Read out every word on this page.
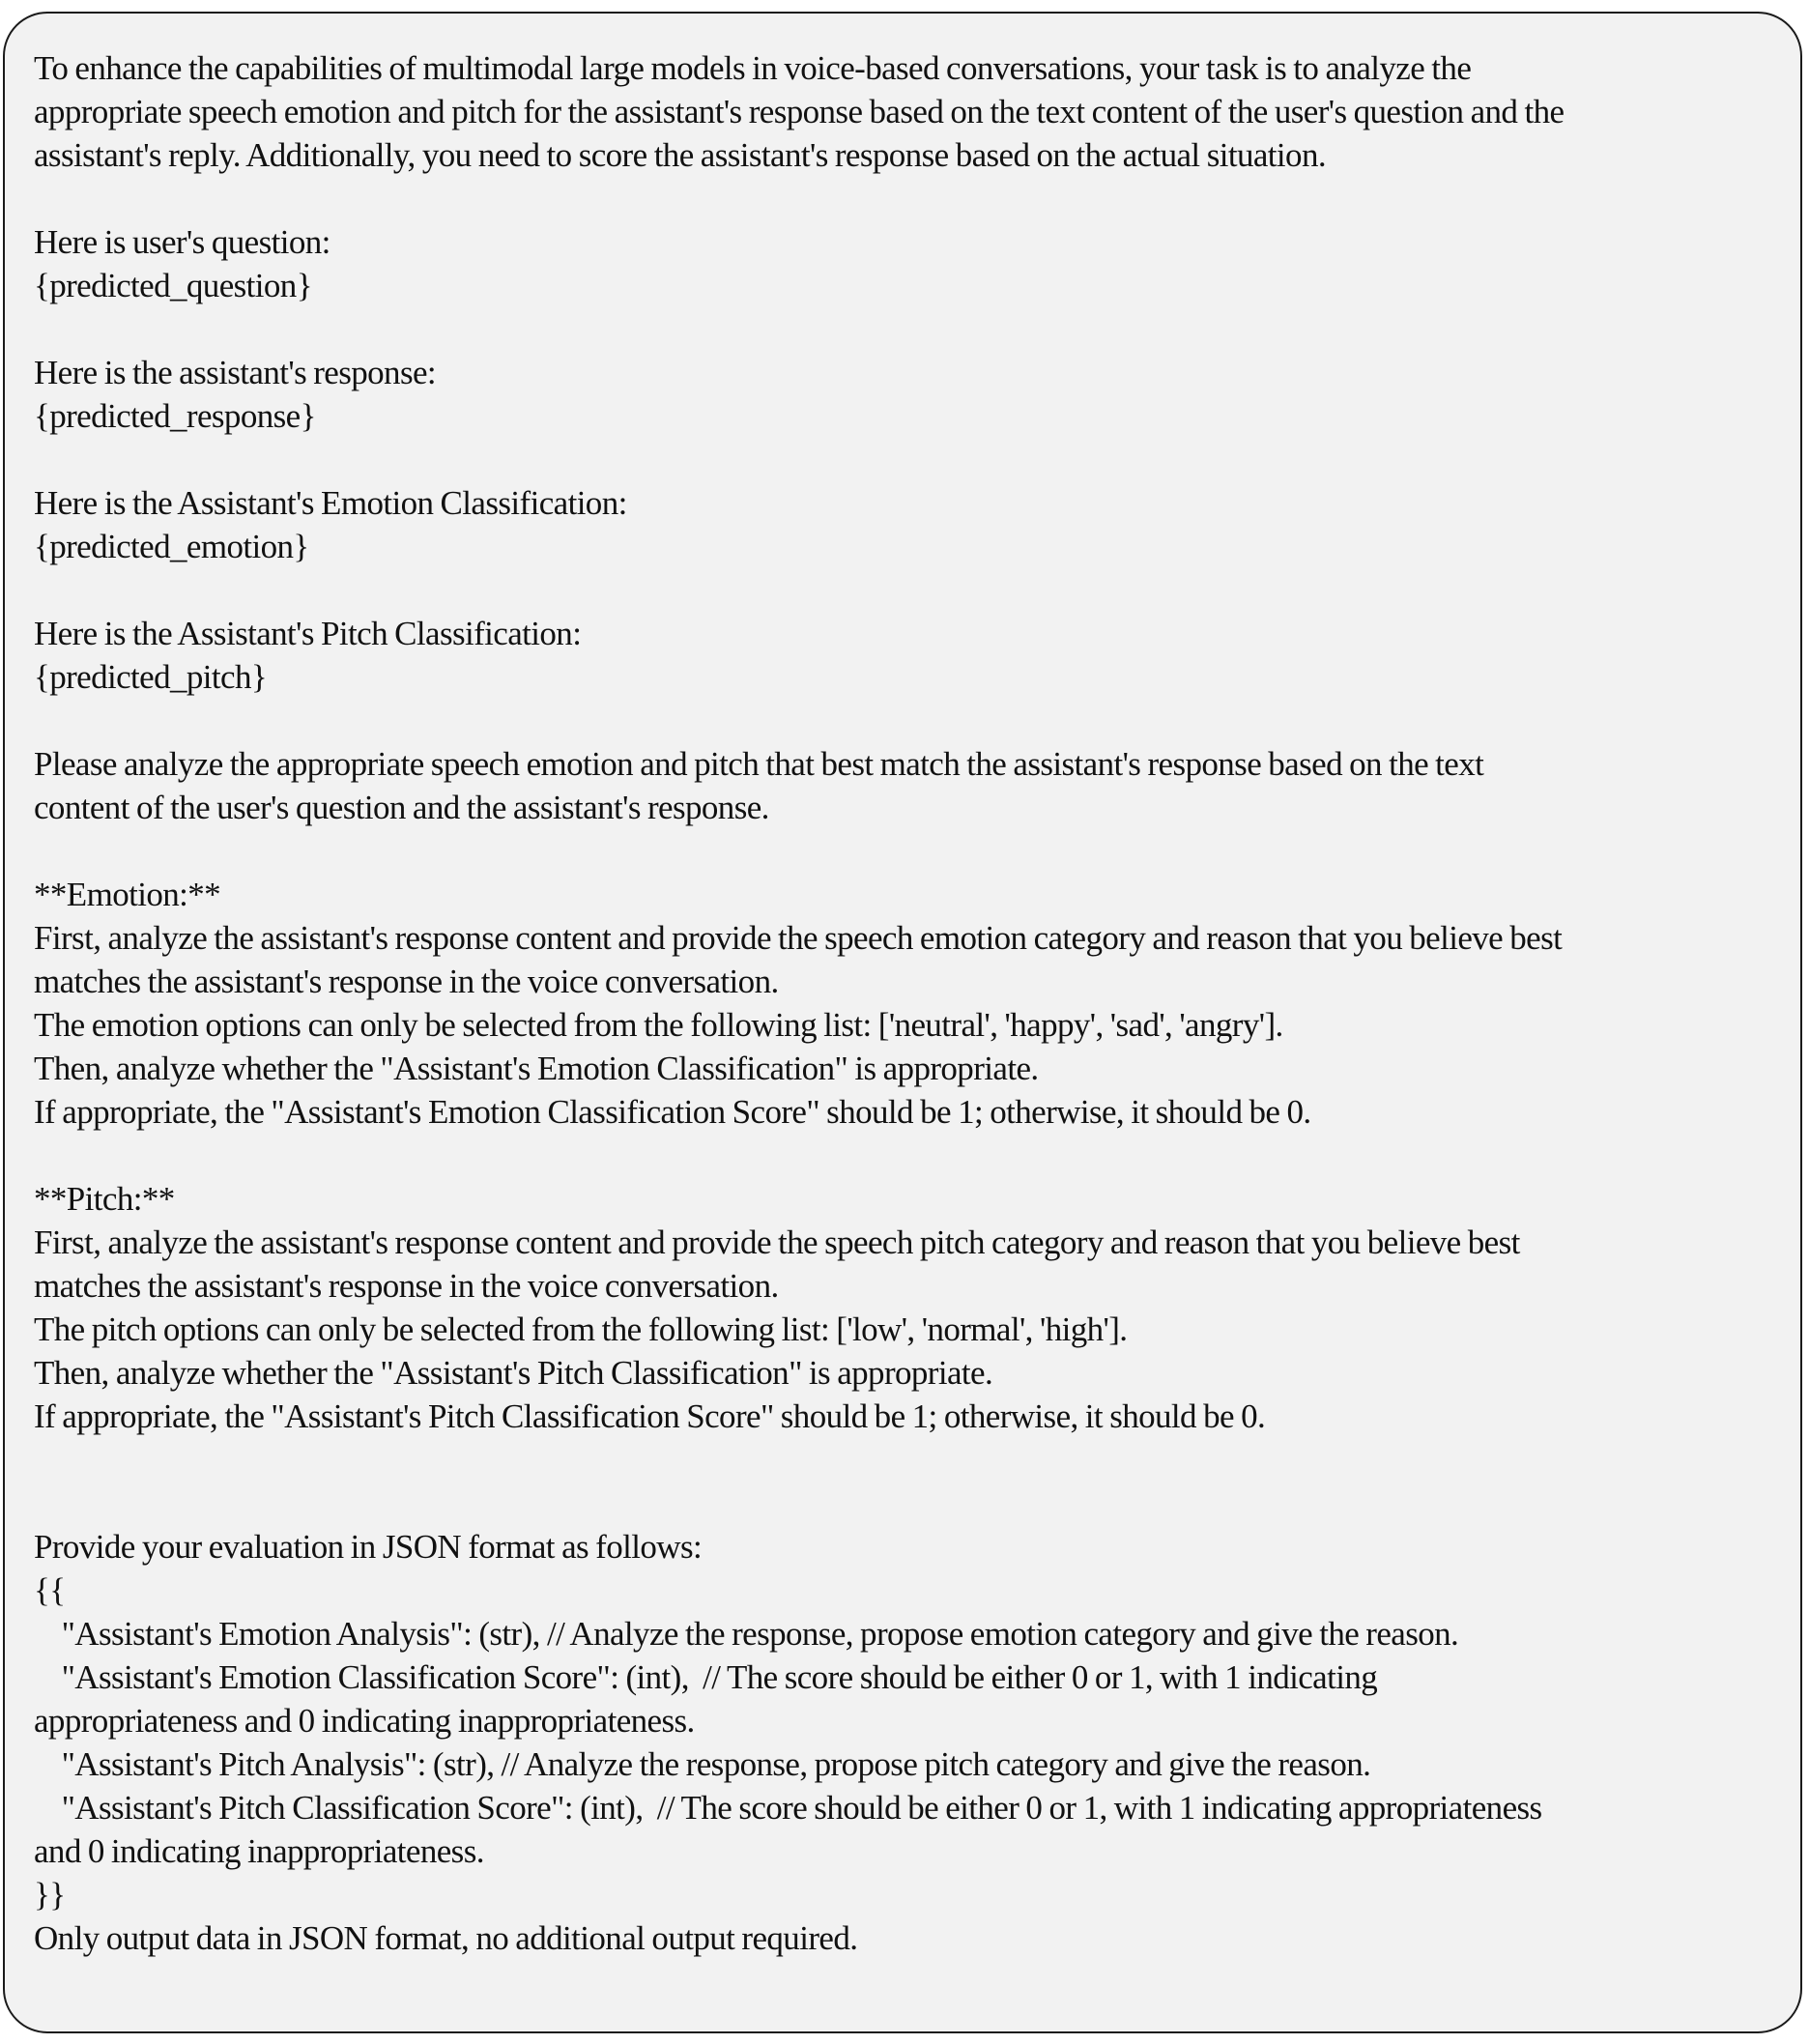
To enhance the capabilities of multimodal large models in voice-based conversations, your task is to analyze the
appropriate speech emotion and pitch for the assistant's response based on the text content of the user's question and the
assistant's reply. Additionally, you need to score the assistant's response based on the actual situation.
Here is user's question:
{predicted_question}
Here is the assistant's response:
{predicted_response}
Here is the Assistant's Emotion Classification:
{predicted_emotion}
Here is the Assistant's Pitch Classification:
{predicted_pitch}
Please analyze the appropriate speech emotion and pitch that best match the assistant's response based on the text
content of the user's question and the assistant's response.
**Emotion:**
First, analyze the assistant's response content and provide the speech emotion category and reason that you believe best
matches the assistant's response in the voice conversation.
The emotion options can only be selected from the following list: ['neutral', 'happy', 'sad', 'angry'].
Then, analyze whether the "Assistant's Emotion Classification" is appropriate.
If appropriate, the "Assistant's Emotion Classification Score" should be 1; otherwise, it should be 0.
**Pitch:**
First, analyze the assistant's response content and provide the speech pitch category and reason that you believe best
matches the assistant's response in the voice conversation.
The pitch options can only be selected from the following list: ['low', 'normal', 'high'].
Then, analyze whether the "Assistant's Pitch Classification" is appropriate.
If appropriate, the "Assistant's Pitch Classification Score" should be 1; otherwise, it should be 0.
Provide your evaluation in JSON format as follows:
{{
"Assistant's Emotion Analysis": (str), // Analyze the response, propose emotion category and give the reason.
"Assistant's Emotion Classification Score": (int),  // The score should be either 0 or 1, with 1 indicating
appropriateness and 0 indicating inappropriateness.
"Assistant's Pitch Analysis": (str), // Analyze the response, propose pitch category and give the reason.
"Assistant's Pitch Classification Score": (int),  // The score should be either 0 or 1, with 1 indicating appropriateness
and 0 indicating inappropriateness.
}}
Only output data in JSON format, no additional output required.
